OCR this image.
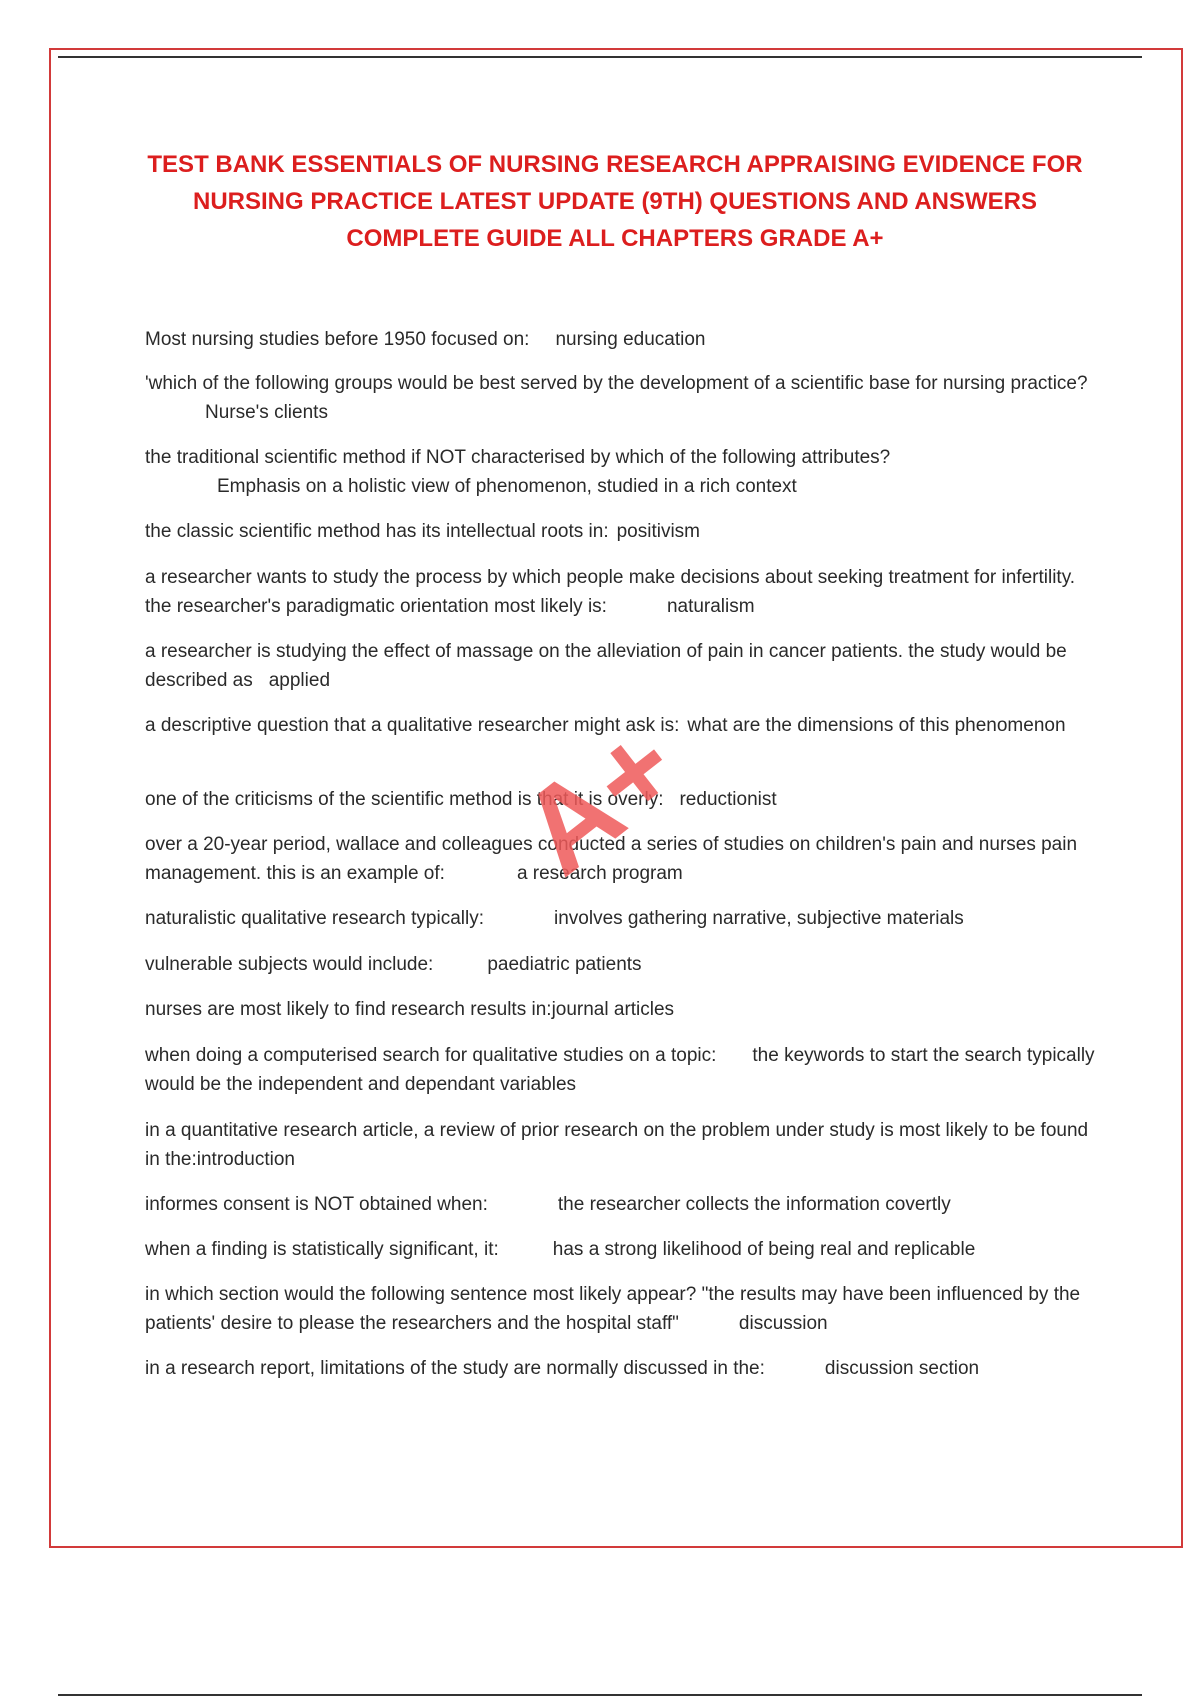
TEST BANK ESSENTIALS OF NURSING RESEARCH APPRAISING EVIDENCE FOR
NURSING PRACTICE LATEST UPDATE (9TH) QUESTIONS AND ANSWERS
COMPLETE GUIDE ALL CHAPTERS GRADE A+
Most nursing studies before 1950 focused on: nursing education
'which of the following groups would be best served by the development of a scientific base for nursing practice?Nurse's clients
the traditional scientific method if NOT characterised by which of the following attributes?
Emphasis on a holistic view of phenomenon, studied in a rich context
the classic scientific method has its intellectual roots in: positivism
a researcher wants to study the process by which people make decisions about seeking treatment for infertility. the researcher's paradigmatic orientation most likely is:	naturalism
a researcher is studying the effect of massage on the alleviation of pain in cancer patients. the study would be described as applied
a descriptive question that a qualitative researcher might ask is: what are the dimensions of this phenomenon
one of the criticisms of the scientific method is that it is overly: reductionist
over a 20-year period, wallace and colleagues conducted a series of studies on children's pain and nurses pain management. this is an example of:	a research program
naturalistic qualitative research typically:	involves gathering narrative, subjective materials
vulnerable subjects would include:	paediatric patients
nurses are most likely to find research results in:journal articles
when doing a computerised search for qualitative studies on a topic: the keywords to start the search typically would be the independent and dependant variables
in a quantitative research article, a review of prior research on the problem under study is most likely to be found in the:introduction
informes consent is NOT obtained when:	the researcher collects the information covertly
when a finding is statistically significant, it:	has a strong likelihood of being real and replicable
in which section would the following sentence most likely appear? "the results may have been influenced by the patients' desire to please the researchers and the hospital staff"	discussion
in a research report, limitations of the study are normally discussed in the:	discussion section
A+
